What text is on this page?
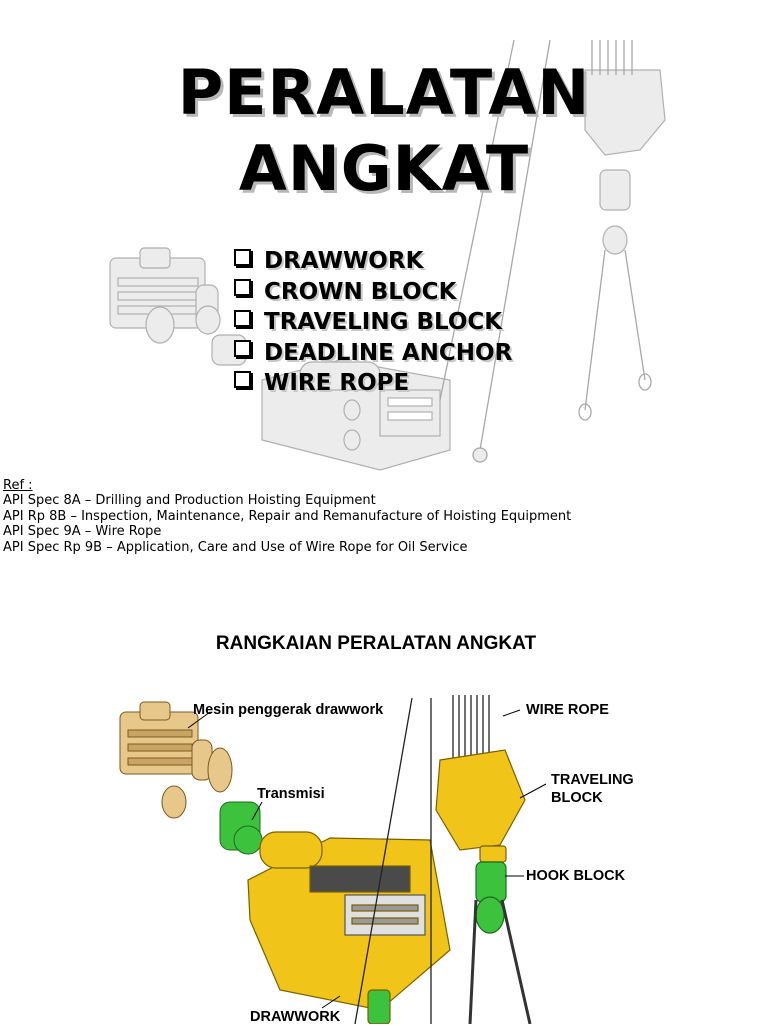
PERALATAN
ANGKAT
DRAWWORK
CROWN BLOCK
TRAVELING BLOCK
DEADLINE ANCHOR
WIRE ROPE
Ref :
API Spec 8A – Drilling and Production Hoisting Equipment
API Rp 8B – Inspection, Maintenance, Repair and Remanufacture of Hoisting Equipment
API Spec 9A – Wire Rope
API Spec Rp 9B – Application, Care and Use of Wire Rope for Oil Service
RANGKAIAN PERALATAN ANGKAT
Mesin penggerak drawwork
Transmisi
WIRE ROPE
TRAVELING
BLOCK
HOOK BLOCK
DRAWWORK
